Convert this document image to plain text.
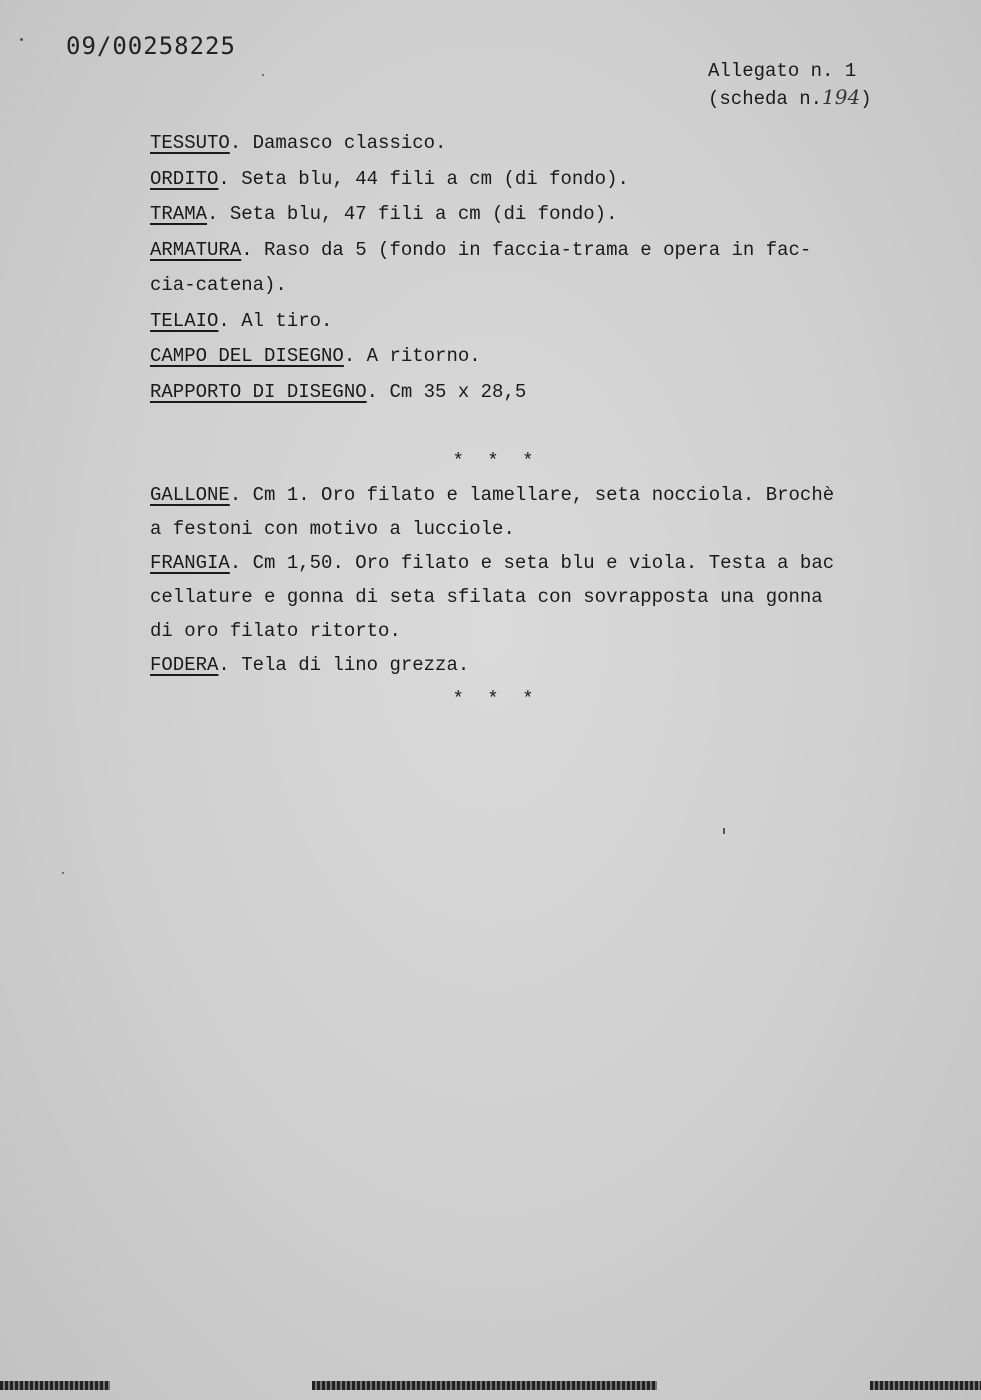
09/00258225
Allegato n. 1
(scheda n.194)
TESSUTO. Damasco classico.
ORDITO. Seta blu, 44 fili a cm (di fondo).
TRAMA. Seta blu, 47 fili a cm (di fondo).
ARMATURA. Raso da 5 (fondo in faccia-trama e opera in fac-
cia-catena).
TELAIO. Al tiro.
CAMPO DEL DISEGNO. A ritorno.
RAPPORTO DI DISEGNO. Cm 35 x 28,5
* * *
GALLONE. Cm 1. Oro filato e lamellare, seta nocciola. Brochè
a festoni con motivo a lucciole.
FRANGIA. Cm 1,50. Oro filato e seta blu e viola. Testa a bac
cellature e gonna di seta sfilata con sovrapposta una gonna
di oro filato ritorto.
FODERA. Tela di lino grezza.
* * *
